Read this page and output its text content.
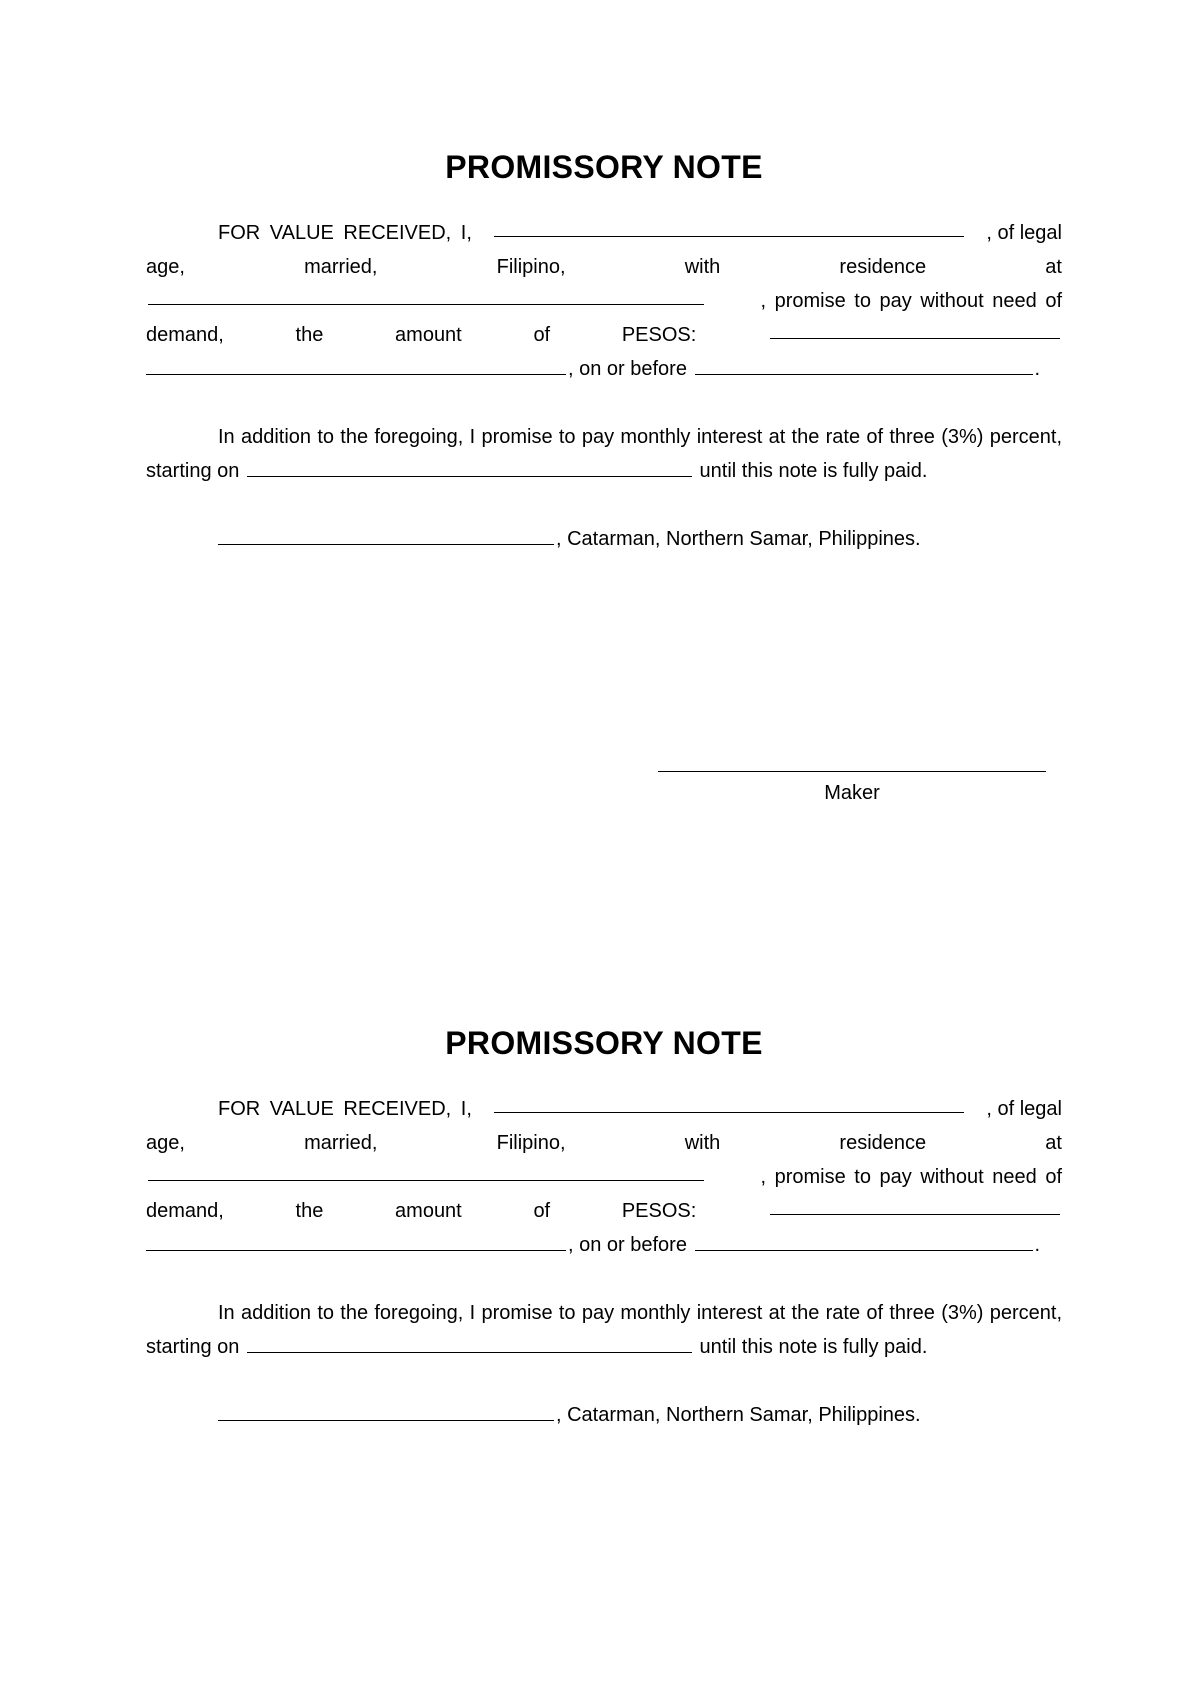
PROMISSORY NOTE
FOR VALUE RECEIVED, I,	, of legal
age,	married,	Filipino,	with	residence	at
, promise to pay without need of
demand,	the	amount	of	PESOS:
, on or before	.
In addition to the foregoing, I promise to pay monthly interest at the rate of three (3%) percent, starting on	until this note is fully paid.
, Catarman, Northern Samar, Philippines.
Maker
PROMISSORY NOTE
FOR VALUE RECEIVED, I,	, of legal
age,	married,	Filipino,	with	residence	at
, promise to pay without need of
demand,	the	amount	of	PESOS:
, on or before	.
In addition to the foregoing, I promise to pay monthly interest at the rate of three (3%) percent, starting on	until this note is fully paid.
, Catarman, Northern Samar, Philippines.
